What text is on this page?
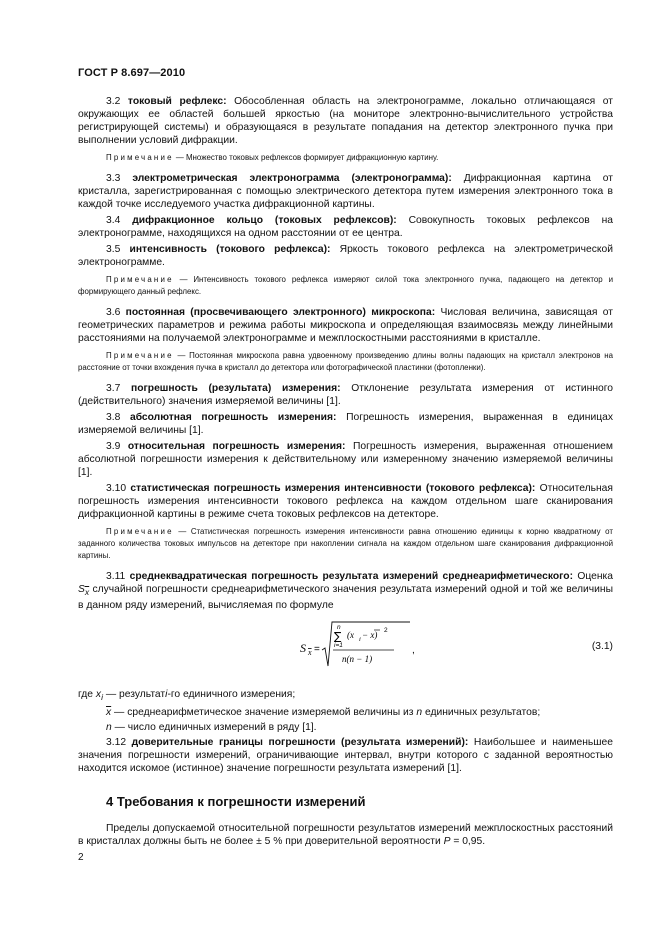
ГОСТ Р 8.697—2010

3.2 токовый рефлекс: Обособленная область на электронограмме, локально отличающаяся от окружающих ее областей большей яркостью (на мониторе электронно-вычислительного устройства регистрирующей системы) и образующаяся в результате попадания на детектор электронного пучка при выполнении условий дифракции.

Примечание — Множество токовых рефлексов формирует дифракционную картину.

3.3 электрометрическая электронограмма (электронограмма): Дифракционная картина от кристалла, зарегистрированная с помощью электрического детектора путем измерения электронного тока в каждой точке исследуемого участка дифракционной картины.

3.4 дифракционное кольцо (токовых рефлексов): Совокупность токовых рефлексов на электронограмме, находящихся на одном расстоянии от ее центра.

3.5 интенсивность (токового рефлекса): Яркость токового рефлекса на электрометрической электронограмме.

Примечание — Интенсивность токового рефлекса измеряют силой тока электронного пучка, падающего на детектор и формирующего данный рефлекс.

3.6 постоянная (просвечивающего электронного) микроскопа: Числовая величина, зависящая от геометрических параметров и режима работы микроскопа и определяющая взаимосвязь между линейными расстояниями на получаемой электронограмме и межплоскостными расстояниями в кристалле.

Примечание — Постоянная микроскопа равна удвоенному произведению длины волны падающих на кристалл электронов на расстояние от точки вхождения пучка в кристалл до детектора или фотографической пластинки (фотопленки).

3.7 погрешность (результата) измерения: Отклонение результата измерения от истинного (действительного) значения измеряемой величины [1].

3.8 абсолютная погрешность измерения: Погрешность измерения, выраженная в единицах измеряемой величины [1].

3.9 относительная погрешность измерения: Погрешность измерения, выраженная отношением абсолютной погрешности измерения к действительному или измеренному значению измеряемой величины [1].

3.10 статистическая погрешность измерения интенсивности (токового рефлекса): Относительная погрешность измерения интенсивности токового рефлекса на каждом отдельном шаге сканирования дифракционной картины в режиме счета токовых рефлексов на детекторе.

Примечание — Статистическая погрешность измерения интенсивности равна отношению единицы к корню квадратному от заданного количества токовых импульсов на детекторе при накоплении сигнала на каждом отдельном шаге сканирования дифракционной картины.

3.11 среднеквадратическая погрешность результата измерений среднеарифметического: Оценка $S_{\overline{x}}$ случайной погрешности среднеарифметического значения результата измерений одной и той же величины в данном ряду измерений, вычисляемая по формуле

S x =
n
∑
i=1
(x i − x) 2
n(n − 1)
,	(3.1)

где $x_i$ — результатi-го единичного измерения;

$\overline{x}$ — среднеарифметическое значение измеряемой величины из n единичных результатов;

n — число единичных измерений в ряду [1].

3.12 доверительные границы погрешности (результата измерений): Наибольшее и наименьшее значения погрешности измерений, ограничивающие интервал, внутри которого с заданной вероятностью находится искомое (истинное) значение погрешности результата измерений [1].

4 Требования к погрешности измерений

Пределы допускаемой относительной погрешности результатов измерений межплоскостных расстояний в кристаллах должны быть не более ± 5 % при доверительной вероятности P = 0,95.

2
